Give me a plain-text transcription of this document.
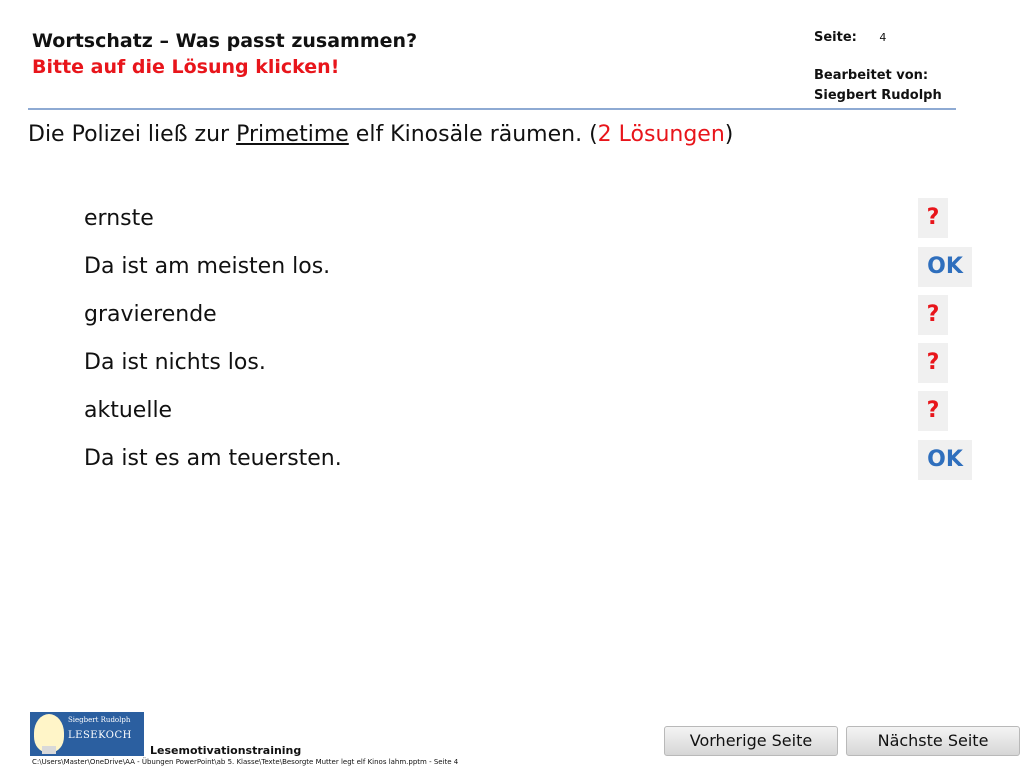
Wortschatz – Was passt zusammen?
Bitte auf die Lösung klicken!
Seite: 4
Bearbeitet von:
Siegbert Rudolph
Die Polizei ließ zur Primetime elf Kinosäle räumen. (2 Lösungen)
ernste	?
Da ist am meisten los.	OK
gravierende	?
Da ist nichts los.	?
aktuelle	?
Da ist es am teuersten.	OK
Siegbert Rudolph
LESEKOCH
Lesemotivationstraining
C:\Users\Master\OneDrive\AA - Übungen PowerPoint\ab 5. Klasse\Texte\Besorgte Mutter legt elf Kinos lahm.pptm - Seite 4
Vorherige Seite	Nächste Seite
